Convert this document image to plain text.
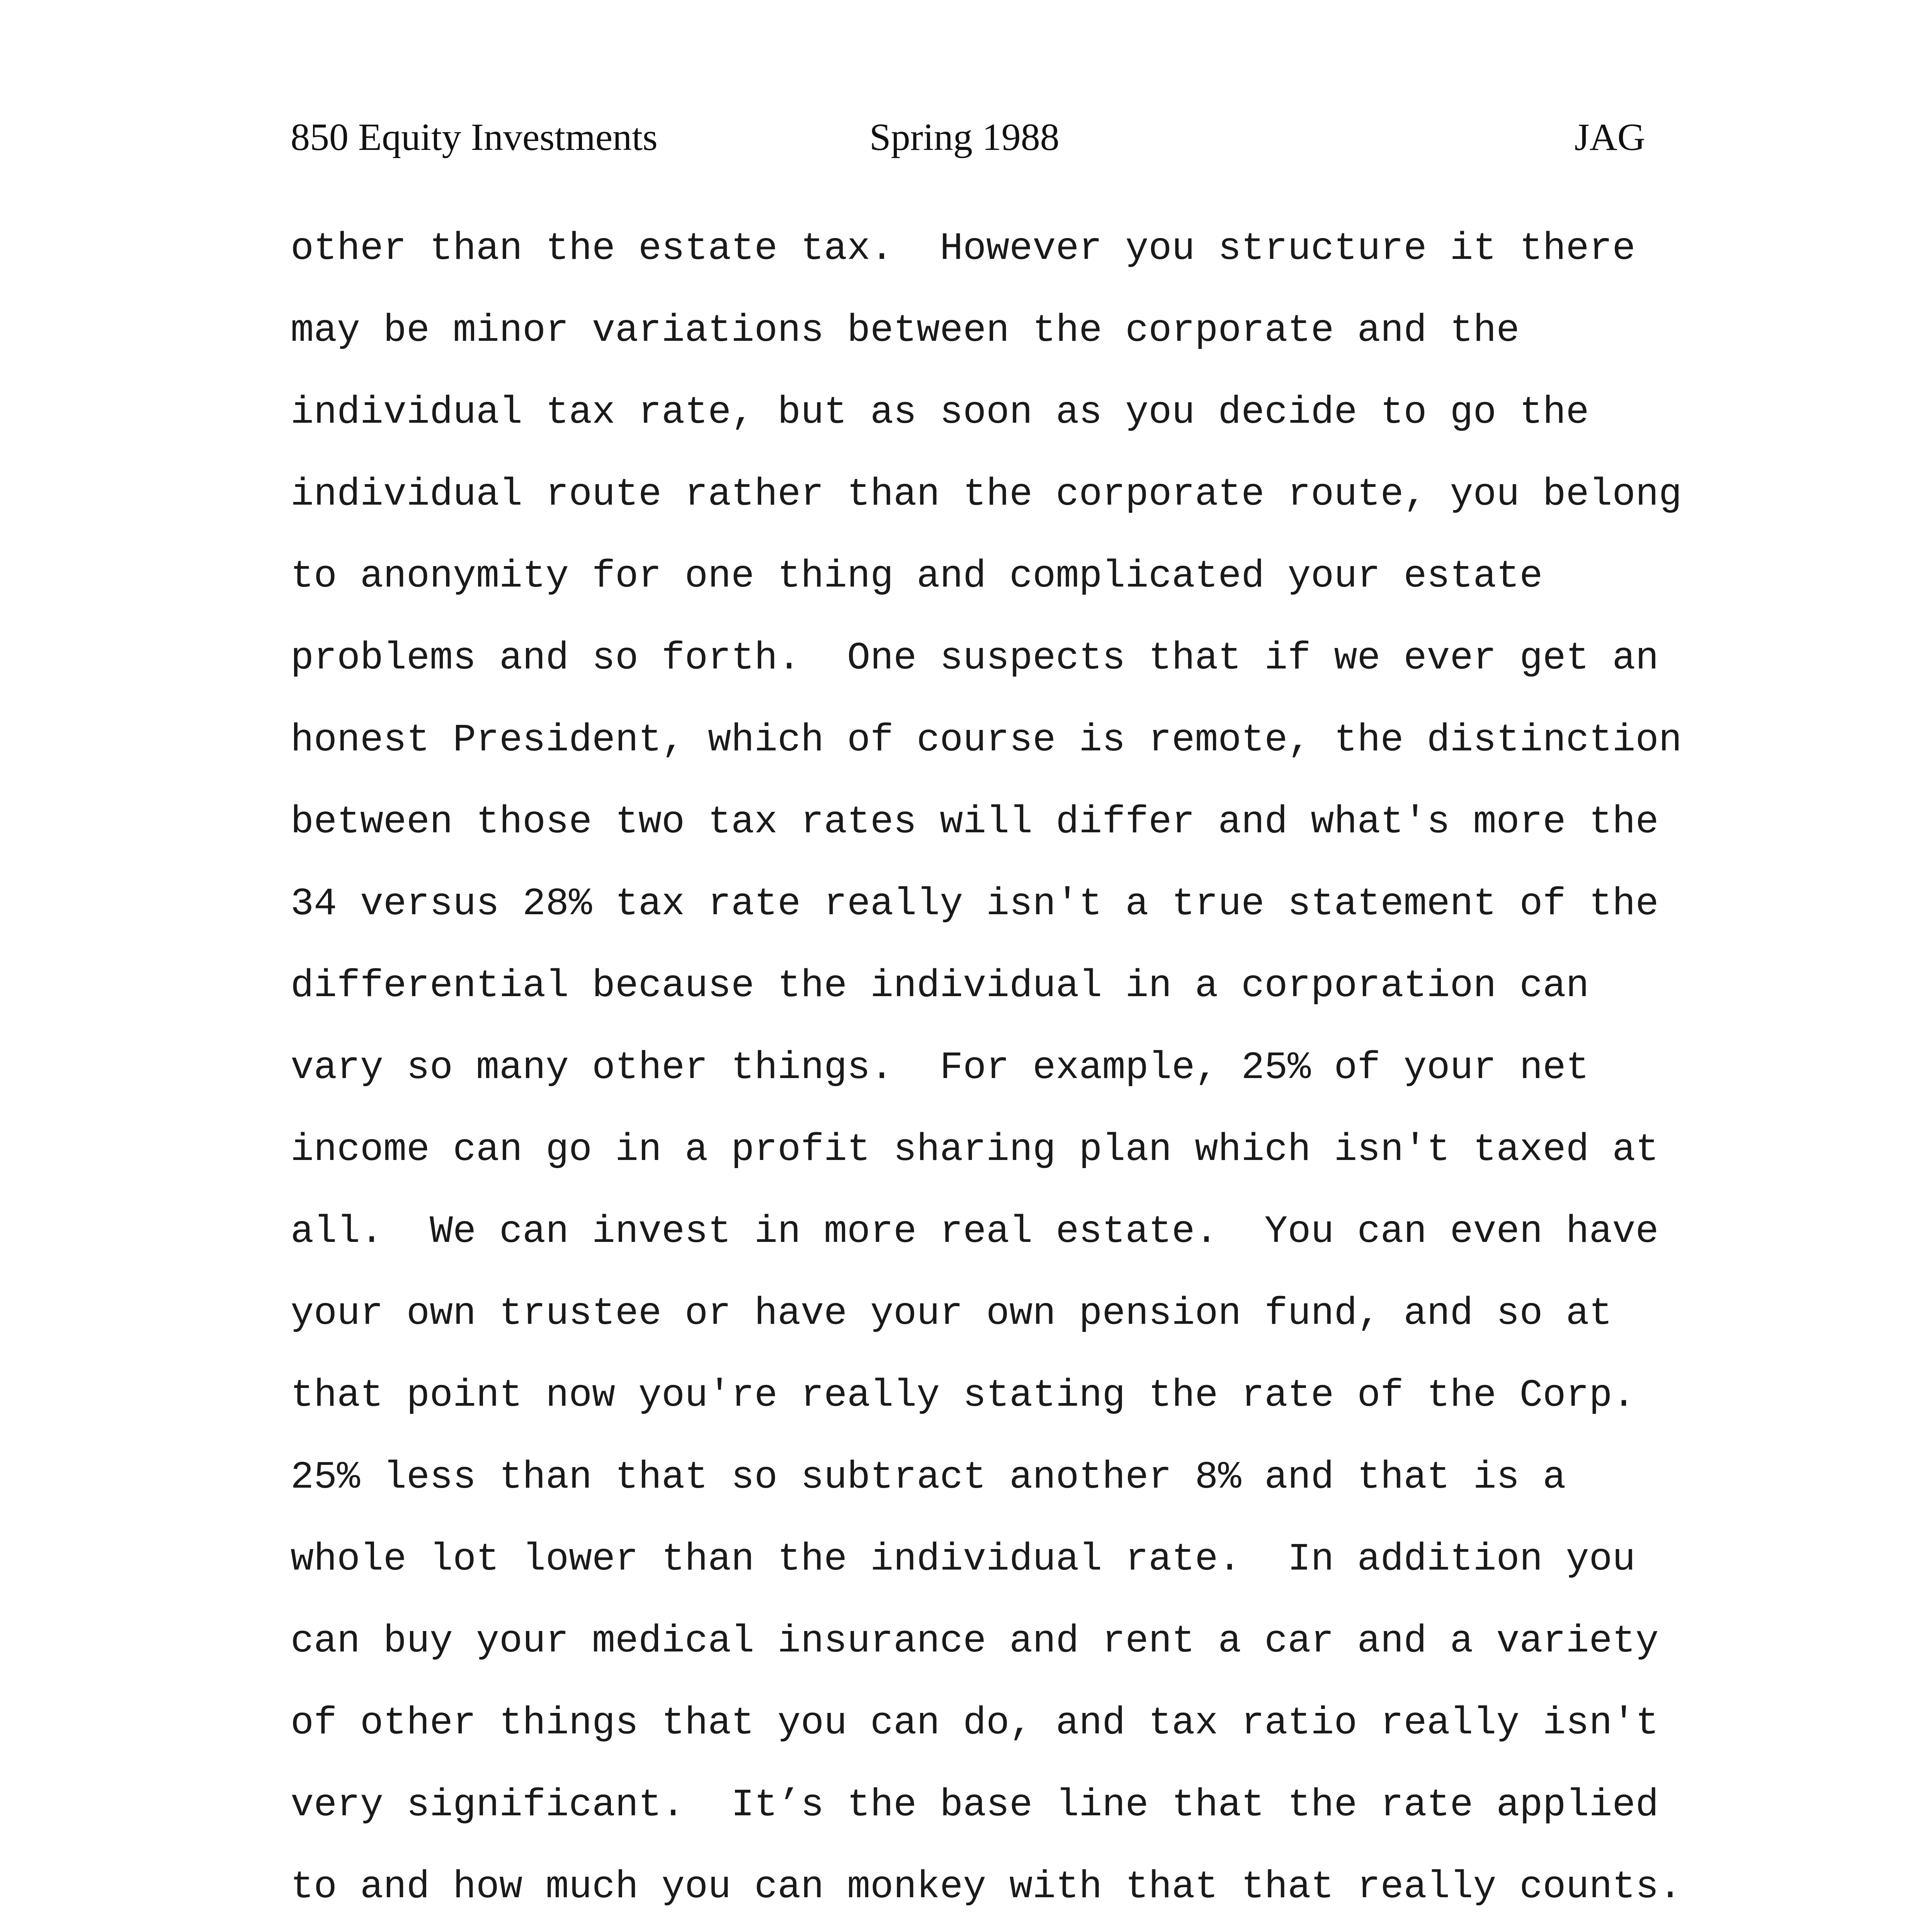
850 Equity Investments	Spring 1988	JAG
other than the estate tax.  However you structure it there
may be minor variations between the corporate and the
individual tax rate, but as soon as you decide to go the
individual route rather than the corporate route, you belong
to anonymity for one thing and complicated your estate
problems and so forth.  One suspects that if we ever get an
honest President, which of course is remote, the distinction
between those two tax rates will differ and what's more the
34 versus 28% tax rate really isn't a true statement of the
differential because the individual in a corporation can
vary so many other things.  For example, 25% of your net
income can go in a profit sharing plan which isn't taxed at
all.  We can invest in more real estate.  You can even have
your own trustee or have your own pension fund, and so at
that point now you're really stating the rate of the Corp.
25% less than that so subtract another 8% and that is a
whole lot lower than the individual rate.  In addition you
can buy your medical insurance and rent a car and a variety
of other things that you can do, and tax ratio really isn't
very significant.  It’s the base line that the rate applied
to and how much you can monkey with that that really counts.
